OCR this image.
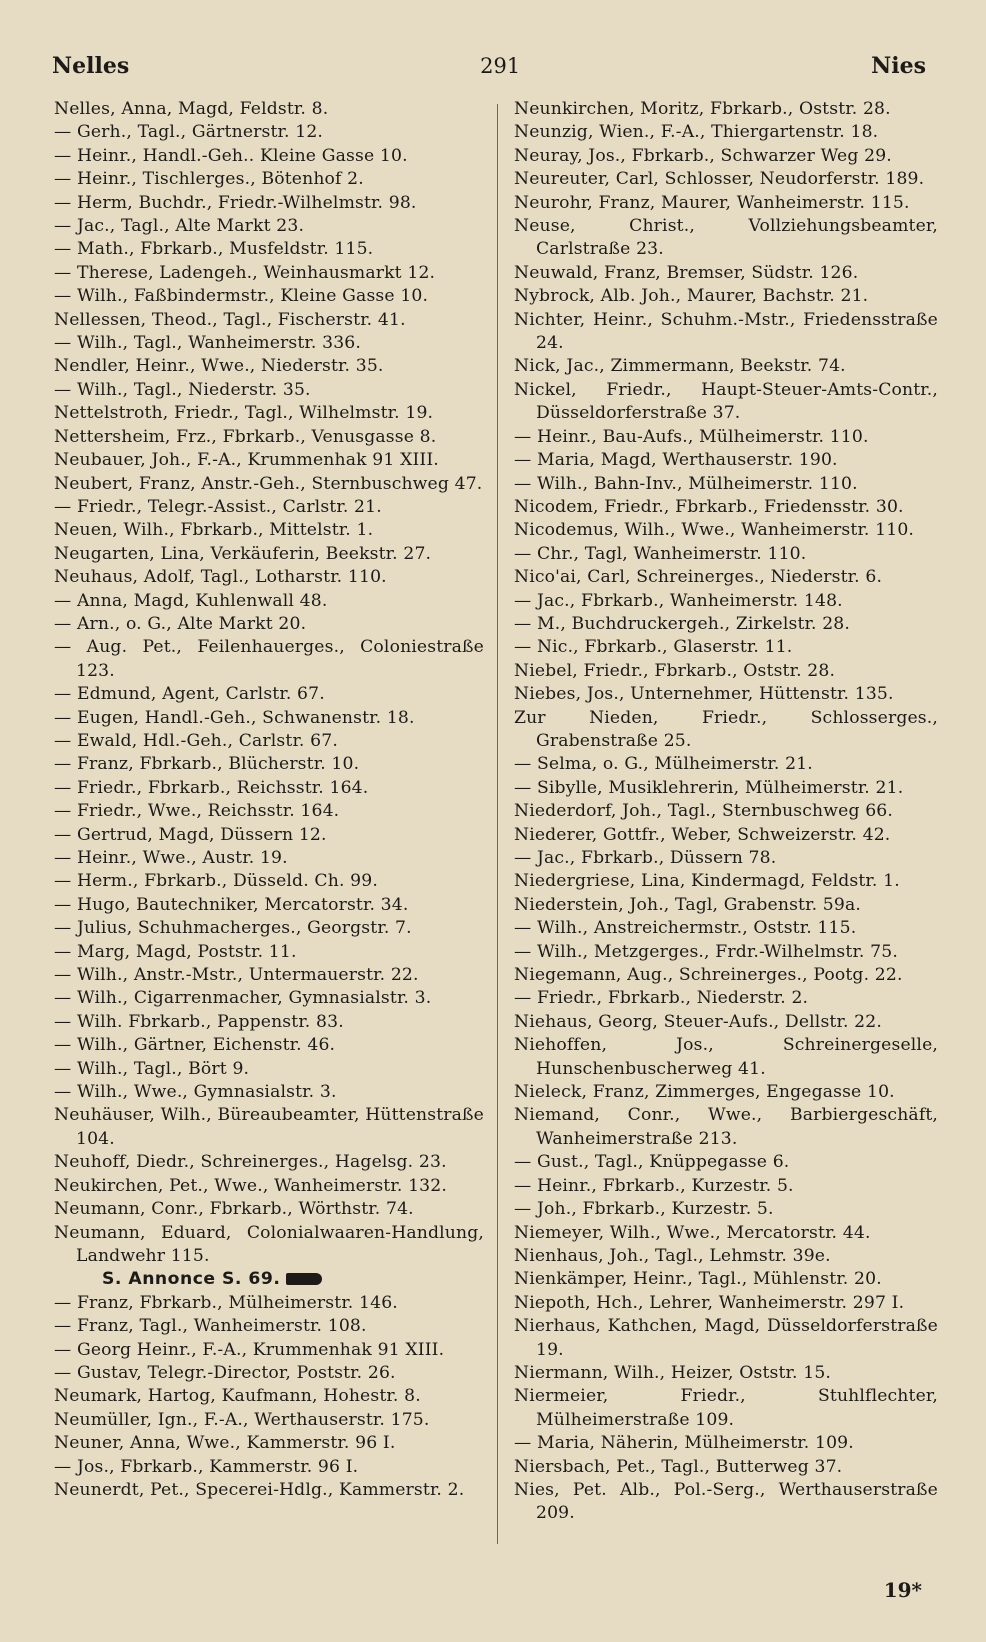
Nelles	291	Nies
Nelles, Anna, Magd, Feldstr. 8.
— Gerh., Tagl., Gärtnerstr. 12.
— Heinr., Handl.-Geh.. Kleine Gasse 10.
— Heinr., Tischlerges., Bötenhof 2.
— Herm, Buchdr., Friedr.-Wilhelmstr. 98.
— Jac., Tagl., Alte Markt 23.
— Math., Fbrkarb., Musfeldstr. 115.
— Therese, Ladengeh., Weinhausmarkt 12.
— Wilh., Faßbindermstr., Kleine Gasse 10.
Nellessen, Theod., Tagl., Fischerstr. 41.
— Wilh., Tagl., Wanheimerstr. 336.
Nendler, Heinr., Wwe., Niederstr. 35.
— Wilh., Tagl., Niederstr. 35.
Nettelstroth, Friedr., Tagl., Wilhelmstr. 19.
Nettersheim, Frz., Fbrkarb., Venusgasse 8.
Neubauer, Joh., F.-A., Krummenhak 91 XIII.
Neubert, Franz, Anstr.-Geh., Sternbuschweg 47.
— Friedr., Telegr.-Assist., Carlstr. 21.
Neuen, Wilh., Fbrkarb., Mittelstr. 1.
Neugarten, Lina, Verkäuferin, Beekstr. 27.
Neuhaus, Adolf, Tagl., Lotharstr. 110.
— Anna, Magd, Kuhlenwall 48.
— Arn., o. G., Alte Markt 20.
— Aug. Pet., Feilenhauerges., Coloniestraße 123.
— Edmund, Agent, Carlstr. 67.
— Eugen, Handl.-Geh., Schwanenstr. 18.
— Ewald, Hdl.-Geh., Carlstr. 67.
— Franz, Fbrkarb., Blücherstr. 10.
— Friedr., Fbrkarb., Reichsstr. 164.
— Friedr., Wwe., Reichsstr. 164.
— Gertrud, Magd, Düssern 12.
— Heinr., Wwe., Austr. 19.
— Herm., Fbrkarb., Düsseld. Ch. 99.
— Hugo, Bautechniker, Mercatorstr. 34.
— Julius, Schuhmacherges., Georgstr. 7.
— Marg, Magd, Poststr. 11.
— Wilh., Anstr.-Mstr., Untermauerstr. 22.
— Wilh., Cigarrenmacher, Gymnasialstr. 3.
— Wilh. Fbrkarb., Pappenstr. 83.
— Wilh., Gärtner, Eichenstr. 46.
— Wilh., Tagl., Bört 9.
— Wilh., Wwe., Gymnasialstr. 3.
Neuhäuser, Wilh., Büreaubeamter, Hüttenstraße 104.
Neuhoff, Diedr., Schreinerges., Hagelsg. 23.
Neukirchen, Pet., Wwe., Wanheimerstr. 132.
Neumann, Conr., Fbrkarb., Wörthstr. 74.
Neumann, Eduard, Colonialwaaren-Handlung, Landwehr 115.
S. Annonce S. 69.
— Franz, Fbrkarb., Mülheimerstr. 146.
— Franz, Tagl., Wanheimerstr. 108.
— Georg Heinr., F.-A., Krummenhak 91 XIII.
— Gustav, Telegr.-Director, Poststr. 26.
Neumark, Hartog, Kaufmann, Hohestr. 8.
Neumüller, Ign., F.-A., Werthauserstr. 175.
Neuner, Anna, Wwe., Kammerstr. 96 I.
— Jos., Fbrkarb., Kammerstr. 96 I.
Neunerdt, Pet., Specerei-Hdlg., Kammerstr. 2.
Neunkirchen, Moritz, Fbrkarb., Oststr. 28.
Neunzig, Wien., F.-A., Thiergartenstr. 18.
Neuray, Jos., Fbrkarb., Schwarzer Weg 29.
Neureuter, Carl, Schlosser, Neudorferstr. 189.
Neurohr, Franz, Maurer, Wanheimerstr. 115.
Neuse, Christ., Vollziehungsbeamter, Carlstraße 23.
Neuwald, Franz, Bremser, Südstr. 126.
Nybrock, Alb. Joh., Maurer, Bachstr. 21.
Nichter, Heinr., Schuhm.-Mstr., Friedensstraße 24.
Nick, Jac., Zimmermann, Beekstr. 74.
Nickel, Friedr., Haupt-Steuer-Amts-Contr., Düsseldorferstraße 37.
— Heinr., Bau-Aufs., Mülheimerstr. 110.
— Maria, Magd, Werthauserstr. 190.
— Wilh., Bahn-Inv., Mülheimerstr. 110.
Nicodem, Friedr., Fbrkarb., Friedensstr. 30.
Nicodemus, Wilh., Wwe., Wanheimerstr. 110.
— Chr., Tagl, Wanheimerstr. 110.
Nico'ai, Carl, Schreinerges., Niederstr. 6.
— Jac., Fbrkarb., Wanheimerstr. 148.
— M., Buchdruckergeh., Zirkelstr. 28.
— Nic., Fbrkarb., Glaserstr. 11.
Niebel, Friedr., Fbrkarb., Oststr. 28.
Niebes, Jos., Unternehmer, Hüttenstr. 135.
Zur Nieden, Friedr., Schlosserges., Grabenstraße 25.
— Selma, o. G., Mülheimerstr. 21.
— Sibylle, Musiklehrerin, Mülheimerstr. 21.
Niederdorf, Joh., Tagl., Sternbuschweg 66.
Niederer, Gottfr., Weber, Schweizerstr. 42.
— Jac., Fbrkarb., Düssern 78.
Niedergriese, Lina, Kindermagd, Feldstr. 1.
Niederstein, Joh., Tagl, Grabenstr. 59a.
— Wilh., Anstreichermstr., Oststr. 115.
— Wilh., Metzgerges., Frdr.-Wilhelmstr. 75.
Niegemann, Aug., Schreinerges., Pootg. 22.
— Friedr., Fbrkarb., Niederstr. 2.
Niehaus, Georg, Steuer-Aufs., Dellstr. 22.
Niehoffen, Jos., Schreinergeselle, Hunschenbuscherweg 41.
Nieleck, Franz, Zimmerges, Engegasse 10.
Niemand, Conr., Wwe., Barbiergeschäft, Wanheimerstraße 213.
— Gust., Tagl., Knüppegasse 6.
— Heinr., Fbrkarb., Kurzestr. 5.
— Joh., Fbrkarb., Kurzestr. 5.
Niemeyer, Wilh., Wwe., Mercatorstr. 44.
Nienhaus, Joh., Tagl., Lehmstr. 39e.
Nienkämper, Heinr., Tagl., Mühlenstr. 20.
Niepoth, Hch., Lehrer, Wanheimerstr. 297 I.
Nierhaus, Kathchen, Magd, Düsseldorferstraße 19.
Niermann, Wilh., Heizer, Oststr. 15.
Niermeier, Friedr., Stuhlflechter, Mülheimerstraße 109.
— Maria, Näherin, Mülheimerstr. 109.
Niersbach, Pet., Tagl., Butterweg 37.
Nies, Pet. Alb., Pol.-Serg., Werthauserstraße 209.
19*
